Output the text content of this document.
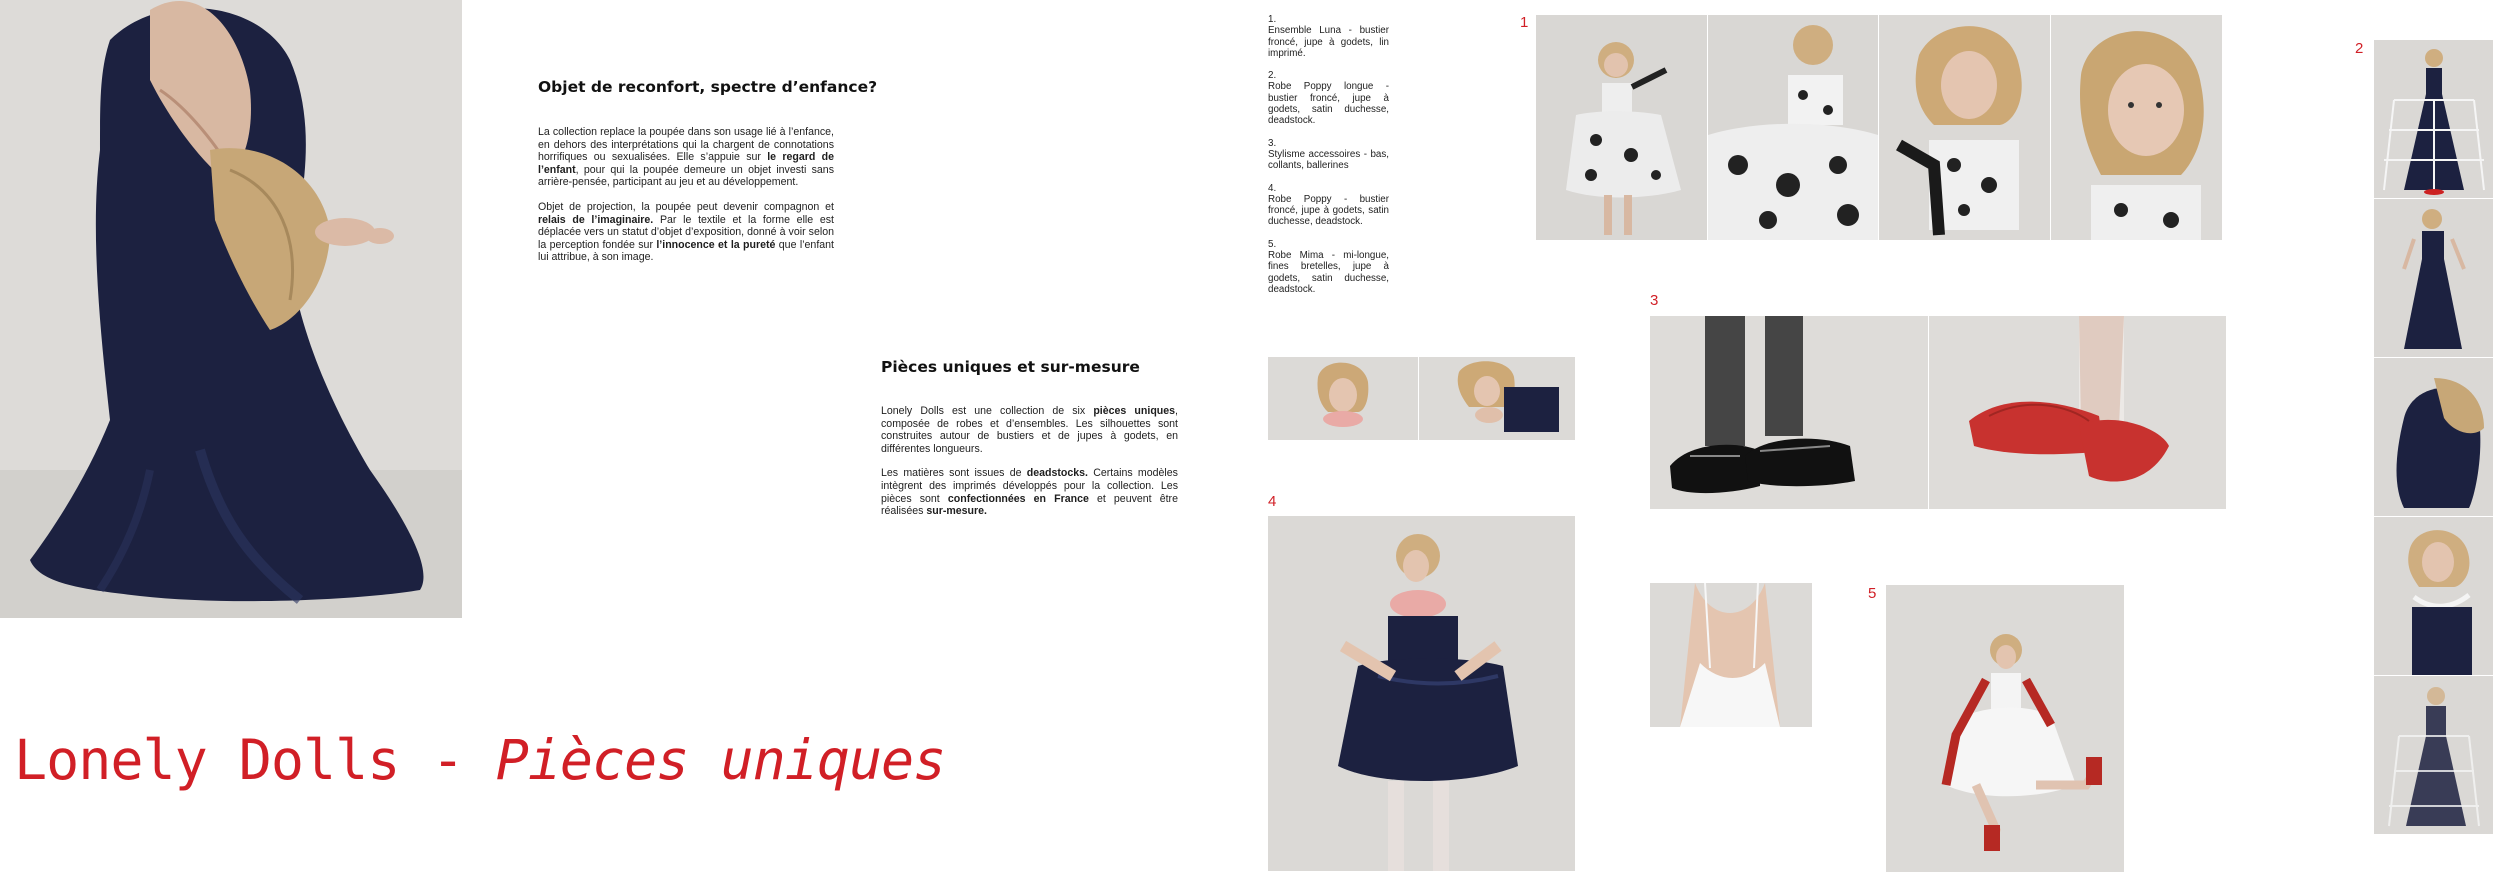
Objet de reconfort, spectre d’enfance?

La collection replace la poupée dans son usage lié à l’enfance, en dehors des interprétations qui la chargent de connotations horrifiques ou sexualisées. Elle s’appuie sur le regard de l’enfant, pour qui la poupée demeure un objet investi sans arrière-pensée, participant au jeu et au développement.

Objet de projection, la poupée peut devenir compagnon et relais de l’imaginaire. Par le textile et la forme elle est déplacée vers un statut d’objet d’exposition, donné à voir selon la perception fondée sur l’innocence et la pureté que l’enfant lui attribue, à son image.

Pièces uniques et sur-mesure

Lonely Dolls est une collection de six pièces uniques, composée de robes et d’ensembles. Les silhouettes sont construites autour de bustiers et de jupes à godets, en différentes longueurs.

Les matières sont issues de deadstocks. Certains modèles intègrent des imprimés développés pour la collection. Les pièces sont confectionnées en France et peuvent être réalisées sur-mesure.

Lonely Dolls - Pièces uniques
1.
Ensemble Luna - bustier froncé, jupe à godets, lin imprimé.
2.
Robe Poppy longue - bustier froncé, jupe à godets, satin duchesse, deadstock.
3.
Stylisme accessoires - bas, collants, ballerines
4.
Robe Poppy - bustier froncé, jupe à godets, satin duchesse, deadstock.
5.
Robe Mima - mi-longue, fines bretelles, jupe à godets, satin duchesse, deadstock.
1
2
3
4
5
